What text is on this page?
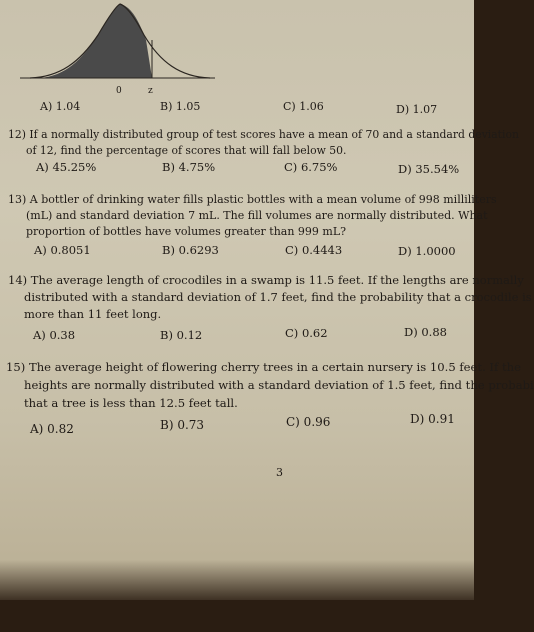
0	z
A) 1.04	B) 1.05	C) 1.06	D) 1.07
12) If a normally distributed group of test scores have a mean of 70 and a standard deviation
of 12, find the percentage of scores that will fall below 50.
A) 45.25%	B) 4.75%	C) 6.75%	D) 35.54%
13) A bottler of drinking water fills plastic bottles with a mean volume of 998 milliliters
(mL) and standard deviation 7 mL. The fill volumes are normally distributed. What
proportion of bottles have volumes greater than 999 mL?
A) 0.8051	B) 0.6293	C) 0.4443	D) 1.0000
14) The average length of crocodiles in a swamp is 11.5 feet. If the lengths are normally
distributed with a standard deviation of 1.7 feet, find the probability that a crocodile is
more than 11 feet long.
A) 0.38	B) 0.12	C) 0.62	D) 0.88
15) The average height of flowering cherry trees in a certain nursery is 10.5 feet. If the
heights are normally distributed with a standard deviation of 1.5 feet, find the probabi
that a tree is less than 12.5 feet tall.
A) 0.82	B) 0.73	C) 0.96	D) 0.91
3
